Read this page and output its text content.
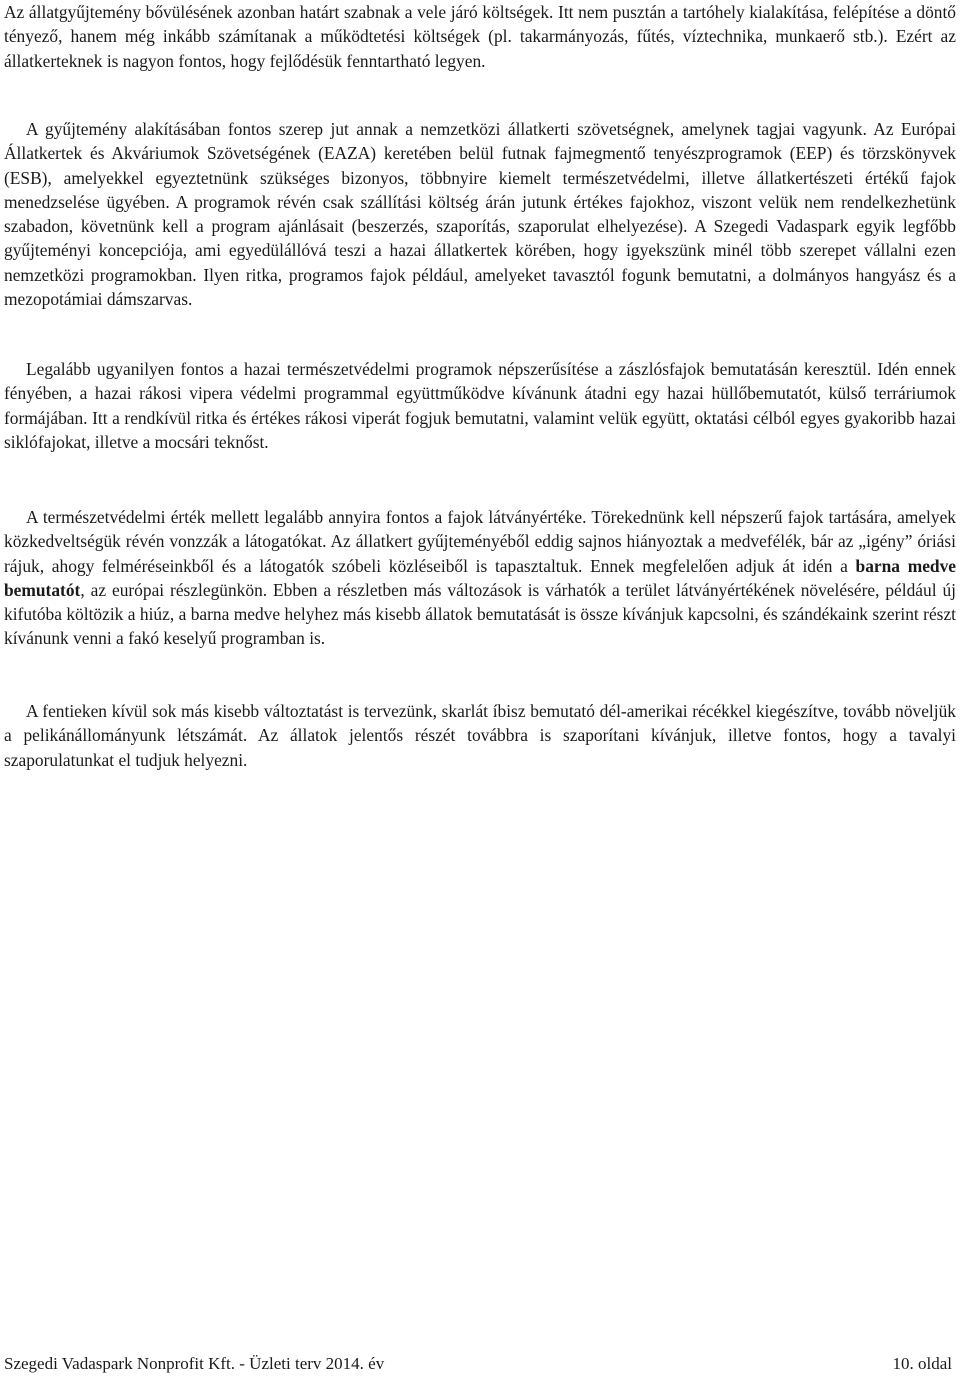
Az állatgyűjtemény bővülésének azonban határt szabnak a vele járó költségek. Itt nem pusztán a tartóhely kialakítása, felépítése a döntő tényező, hanem még inkább számítanak a működtetési költségek (pl. takarmányozás, fűtés, víztechnika, munkaerő stb.). Ezért az állatkerteknek is nagyon fontos, hogy fejlődésük fenntartható legyen.

A gyűjtemény alakításában fontos szerep jut annak a nemzetközi állatkerti szövetségnek, amelynek tagjai vagyunk. Az Európai Állatkertek és Akváriumok Szövetségének (EAZA) keretében belül futnak fajmegmentő tenyészprogramok (EEP) és törzskönyvek (ESB), amelyekkel egyeztetnünk szükséges bizonyos, többnyire kiemelt természetvédelmi, illetve állatkertészeti értékű fajok menedzselése ügyében. A programok révén csak szállítási költség árán jutunk értékes fajokhoz, viszont velük nem rendelkezhetünk szabadon, követnünk kell a program ajánlásait (beszerzés, szaporítás, szaporulat elhelyezése). A Szegedi Vadaspark egyik legfőbb gyűjteményi koncepciója, ami egyedülállóvá teszi a hazai állatkertek körében, hogy igyekszünk minél több szerepet vállalni ezen nemzetközi programokban. Ilyen ritka, programos fajok például, amelyeket tavasztól fogunk bemutatni, a dolmányos hangyász és a mezopotámiai dámszarvas.

Legalább ugyanilyen fontos a hazai természetvédelmi programok népszerűsítése a zászlósfajok bemutatásán keresztül. Idén ennek fényében, a hazai rákosi vipera védelmi programmal együttműködve kívánunk átadni egy hazai hüllőbemutatót, külső terráriumok formájában. Itt a rendkívül ritka és értékes rákosi viperát fogjuk bemutatni, valamint velük együtt, oktatási célból egyes gyakoribb hazai siklófajokat, illetve a mocsári teknőst.

A természetvédelmi érték mellett legalább annyira fontos a fajok látványértéke. Törekednünk kell népszerű fajok tartására, amelyek közkedveltségük révén vonzzák a látogatókat. Az állatkert gyűjteményéből eddig sajnos hiányoztak a medvefélék, bár az „igény” óriási rájuk, ahogy felméréseinkből és a látogatók szóbeli közléseiből is tapasztaltuk. Ennek megfelelően adjuk át idén a barna medve bemutatót, az európai részlegünkön. Ebben a részletben más változások is várhatók a terület látványértékének növelésére, például új kifutóba költözik a hiúz, a barna medve helyhez más kisebb állatok bemutatását is össze kívánjuk kapcsolni, és szándékaink szerint részt kívánunk venni a fakó keselyű programban is.

A fentieken kívül sok más kisebb változtatást is tervezünk, skarlát íbisz bemutató dél-amerikai récékkel kiegészítve, tovább növeljük a pelikánállományunk létszámát. Az állatok jelentős részét továbbra is szaporítani kívánjuk, illetve fontos, hogy a tavalyi szaporulatunkat el tudjuk helyezni.

Szegedi Vadaspark Nonprofit Kft. - Üzleti terv 2014. év	10. oldal
